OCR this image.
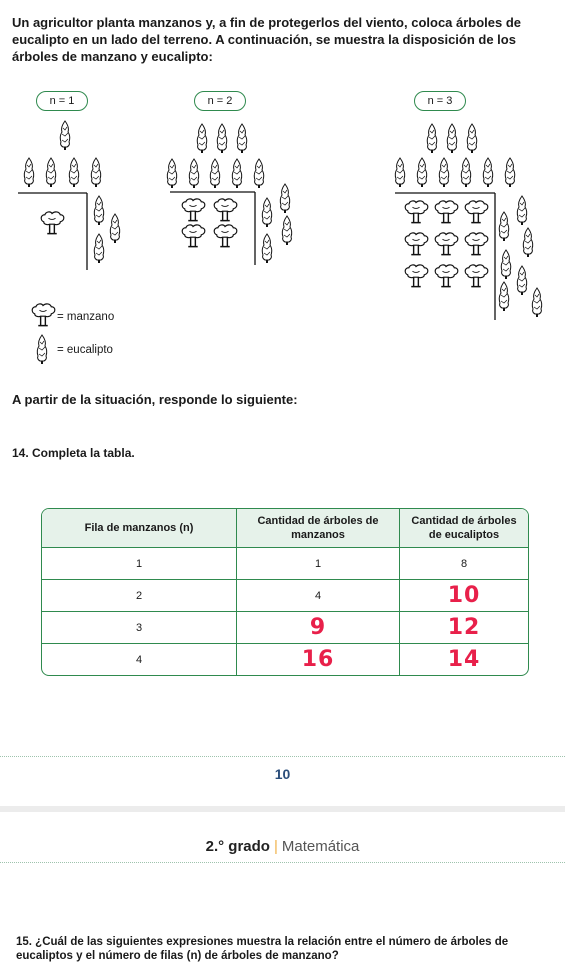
Un agricultor planta manzanos y, a fin de protegerlos del viento, coloca árboles de eucalipto en un lado del terreno. A continuación, se muestra la disposición de los árboles de manzano y eucalipto:
n = 1	n = 2	n = 3
= manzano
= eucalipto
A partir de la situación, responde lo siguiente:
14. Completa la tabla.
Fila de manzanos (n)	Cantidad de árboles de manzanos	Cantidad de árboles de eucaliptos
1	1	8
2	4	10
3	9	12
4	16	14
10
2.° grado | Matemática
15. ¿Cuál de las siguientes expresiones muestra la relación entre el número de árboles de eucaliptos y el número de filas (n) de árboles de manzano?
